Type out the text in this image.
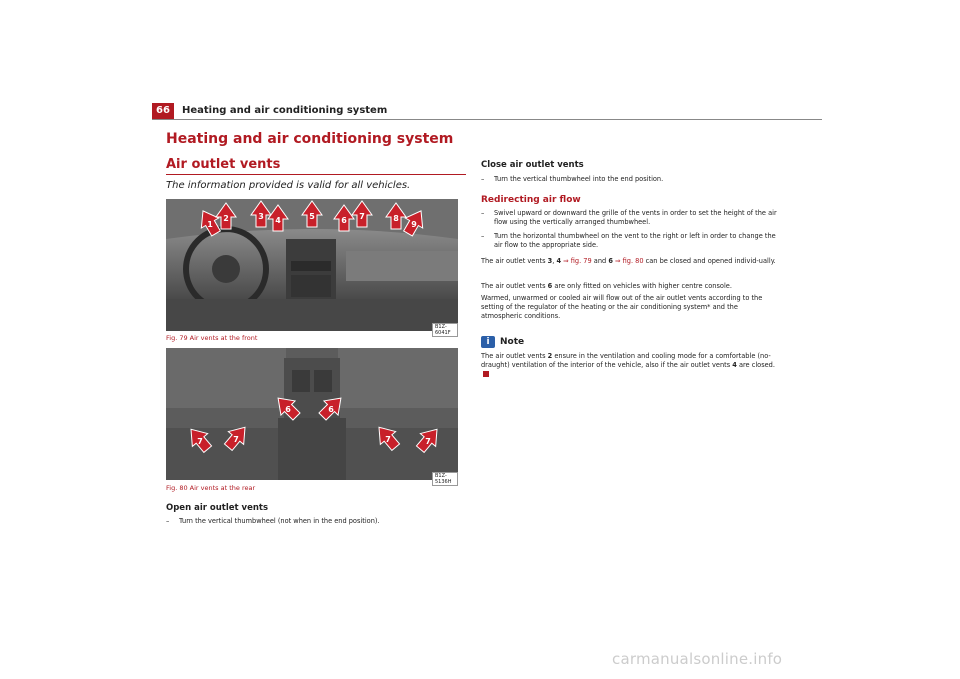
66	Heating and air conditioning system
Heating and air conditioning system
Air outlet vents
The information provided is valid for all vehicles.
1
2	3 4	5	6 7	8
9
B1Z-6041F
Fig. 79 Air vents at the front
6	6
7	7	7	7
B1Z-5136H
Fig. 80 Air vents at the rear
Open air outlet vents
– Turn the vertical thumbwheel (not when in the end position).
Close air outlet vents
– Turn the vertical thumbwheel into the end position.
Redirecting air flow
– Swivel upward or downward the grille of the vents in order to set the height of the air flow using the vertically arranged thumbwheel.
– Turn the horizontal thumbwheel on the vent to the right or left in order to change the air flow to the appropriate side.
The air outlet vents 3, 4 ⇒ fig. 79 and 6 ⇒ fig. 80 can be closed and opened individ-ually.
The air outlet vents 6 are only fitted on vehicles with higher centre console.
Warmed, unwarmed or cooled air will flow out of the air outlet vents according to the setting of the regulator of the heating or the air conditioning system* and the atmospheric conditions.
i	Note
The air outlet vents 2 ensure in the ventilation and cooling mode for a comfortable (no-draught) ventilation of the interior of the vehicle, also if the air outlet vents 4 are closed.
carmanualsonline.info
